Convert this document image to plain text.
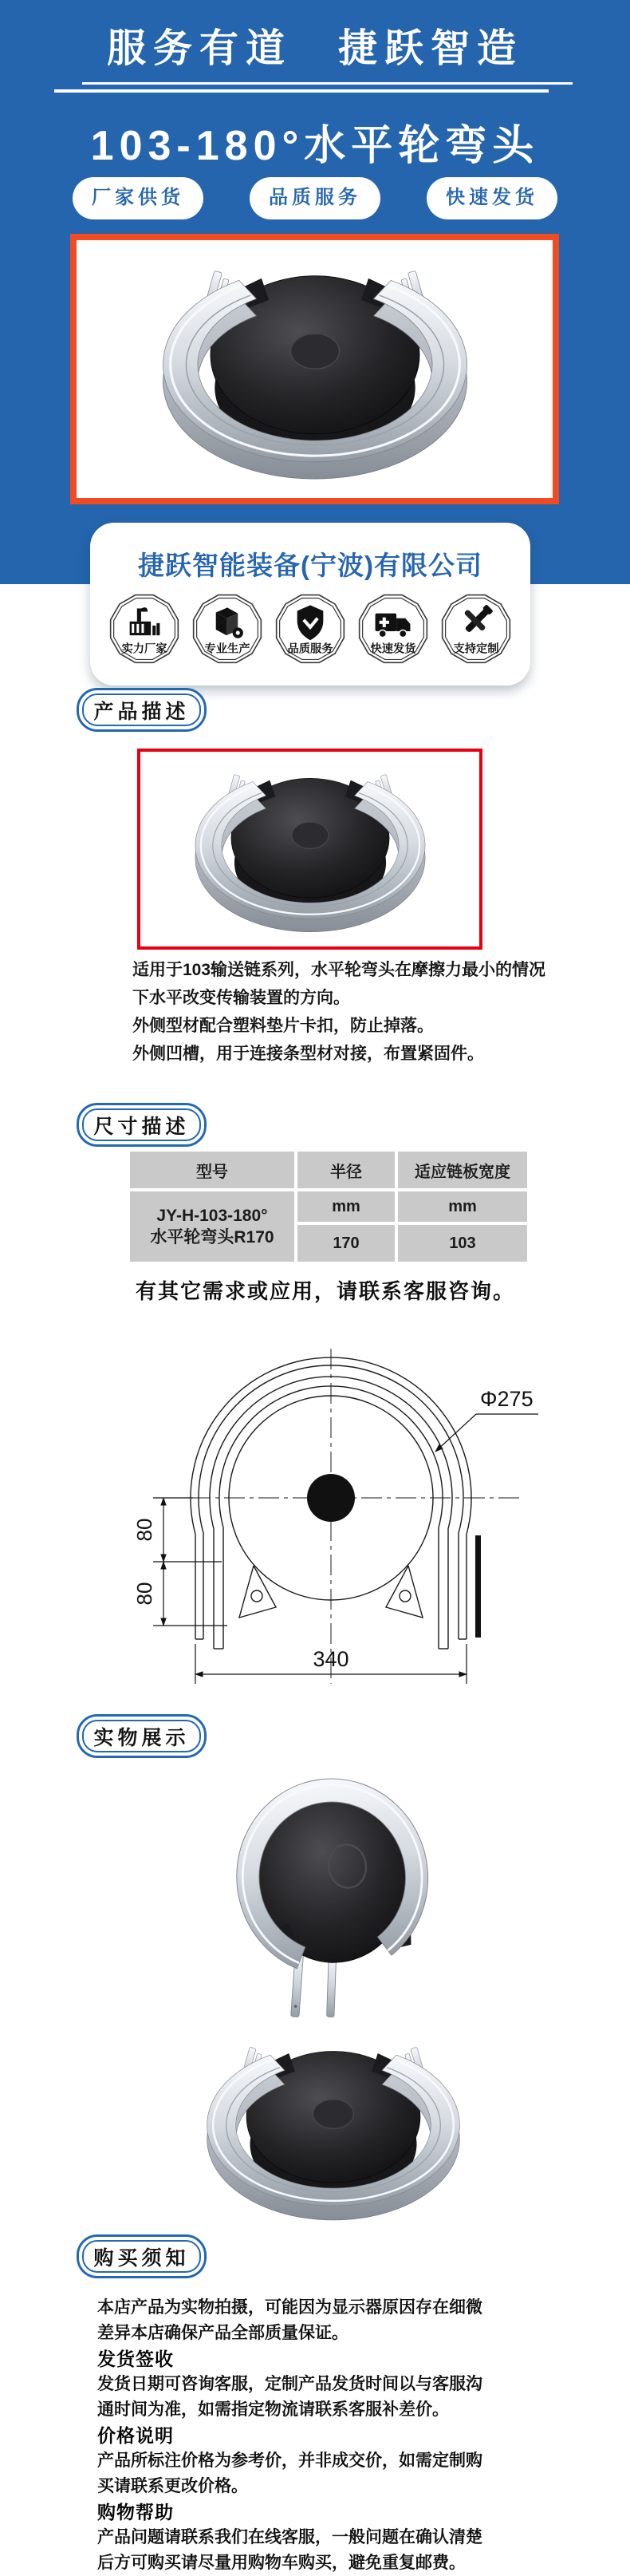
服务有道　捷跃智造
103-180°水平轮弯头
厂家供货	品质服务	快速发货
捷跃智能装备(宁波)有限公司
实力厂家	专业生产	品质服务	快速发货	支持定制
产品描述
适用于103输送链系列，水平轮弯头在摩擦力最小的情况
下水平改变传输装置的方向。
外侧型材配合塑料垫片卡扣，防止掉落。
外侧凹槽，用于连接条型材对接，布置紧固件。
尺寸描述
型号	半径	适应链板宽度
JY-H-103-180°
水平轮弯头R170
mm	mm
170	103
有其它需求或应用，请联系客服咨询。
Φ275
80
80
340
实物展示
购买须知
本店产品为实物拍摄，可能因为显示器原因存在细微
差异本店确保产品全部质量保证。
发货签收
发货日期可咨询客服，定制产品发货时间以与客服沟
通时间为准，如需指定物流请联系客服补差价。
价格说明
产品所标注价格为参考价，并非成交价，如需定制购
买请联系更改价格。
购物帮助
产品问题请联系我们在线客服，一般问题在确认清楚
后方可购买请尽量用购物车购买，避免重复邮费。
